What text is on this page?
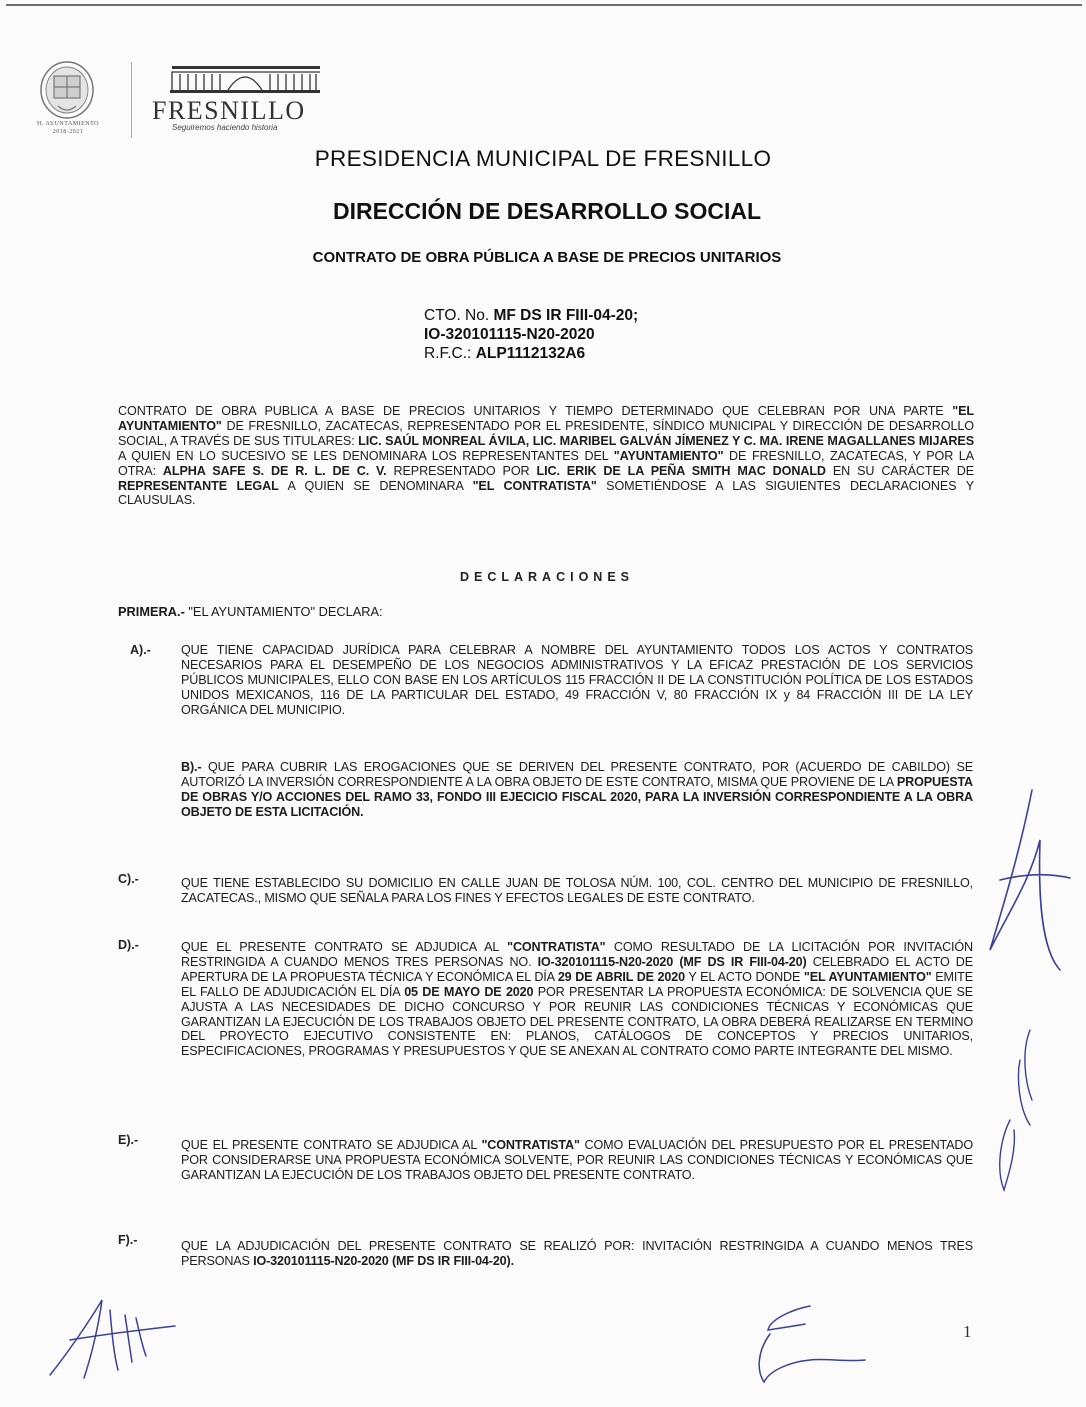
H. AYUNTAMIENTO
2018-2021
FRESNILLO
Seguiremos haciendo historia
PRESIDENCIA MUNICIPAL DE FRESNILLO
DIRECCIÓN DE DESARROLLO SOCIAL
CONTRATO DE OBRA PÚBLICA A BASE DE PRECIOS UNITARIOS
CTO. No. MF DS IR FIII-04-20;
IO-320101115-N20-2020
R.F.C.: ALP1112132A6
CONTRATO DE OBRA PUBLICA A BASE DE PRECIOS UNITARIOS Y TIEMPO DETERMINADO QUE CELEBRAN POR UNA PARTE "EL AYUNTAMIENTO" DE FRESNILLO, ZACATECAS, REPRESENTADO POR EL PRESIDENTE, SÍNDICO MUNICIPAL Y DIRECCIÓN DE DESARROLLO SOCIAL, A TRAVÉS DE SUS TITULARES: LIC. SAÚL MONREAL ÁVILA, LIC. MARIBEL GALVÁN JÍMENEZ Y C. MA. IRENE MAGALLANES MIJARES A QUIEN EN LO SUCESIVO SE LES DENOMINARA LOS REPRESENTANTES DEL "AYUNTAMIENTO" DE FRESNILLO, ZACATECAS, Y POR LA OTRA: ALPHA SAFE S. DE R. L. DE C. V. REPRESENTADO POR LIC. ERIK DE LA PEÑA SMITH MAC DONALD EN SU CARÁCTER DE REPRESENTANTE LEGAL A QUIEN SE DENOMINARA "EL CONTRATISTA" SOMETIÉNDOSE A LAS SIGUIENTES DECLARACIONES Y CLAUSULAS.
DECLARACIONES
PRIMERA.- "EL AYUNTAMIENTO" DECLARA:
A).- QUE TIENE CAPACIDAD JURÍDICA PARA CELEBRAR A NOMBRE DEL AYUNTAMIENTO TODOS LOS ACTOS Y CONTRATOS NECESARIOS PARA EL DESEMPEÑO DE LOS NEGOCIOS ADMINISTRATIVOS Y LA EFICAZ PRESTACIÓN DE LOS SERVICIOS PÚBLICOS MUNICIPALES, ELLO CON BASE EN LOS ARTÍCULOS 115 FRACCIÓN II DE LA CONSTITUCIÓN POLÍTICA DE LOS ESTADOS UNIDOS MEXICANOS, 116 DE LA PARTICULAR DEL ESTADO, 49 FRACCIÓN V, 80 FRACCIÓN IX y 84 FRACCIÓN III DE LA LEY ORGÁNICA DEL MUNICIPIO.
B).- QUE PARA CUBRIR LAS EROGACIONES QUE SE DERIVEN DEL PRESENTE CONTRATO, POR (ACUERDO DE CABILDO) SE AUTORIZÓ LA INVERSIÓN CORRESPONDIENTE A LA OBRA OBJETO DE ESTE CONTRATO, MISMA QUE PROVIENE DE LA PROPUESTA DE OBRAS Y/O ACCIONES DEL RAMO 33, FONDO III EJECICIO FISCAL 2020, PARA LA INVERSIÓN CORRESPONDIENTE A LA OBRA OBJETO DE ESTA LICITACIÓN.
C).-	QUE TIENE ESTABLECIDO SU DOMICILIO EN CALLE JUAN DE TOLOSA NÚM. 100, COL. CENTRO DEL MUNICIPIO DE FRESNILLO, ZACATECAS., MISMO QUE SEÑALA PARA LOS FINES Y EFECTOS LEGALES DE ESTE CONTRATO.
D).-	QUE EL PRESENTE CONTRATO SE ADJUDICA AL "CONTRATISTA" COMO RESULTADO DE LA LICITACIÓN POR INVITACIÓN RESTRINGIDA A CUANDO MENOS TRES PERSONAS NO. IO-320101115-N20-2020 (MF DS IR FIII-04-20) CELEBRADO EL ACTO DE APERTURA DE LA PROPUESTA TÉCNICA Y ECONÓMICA EL DÍA 29 DE ABRIL DE 2020 Y EL ACTO DONDE "EL AYUNTAMIENTO" EMITE EL FALLO DE ADJUDICACIÓN EL DÍA 05 DE MAYO DE 2020 POR PRESENTAR LA PROPUESTA ECONÓMICA: DE SOLVENCIA QUE SE AJUSTA A LAS NECESIDADES DE DICHO CONCURSO Y POR REUNIR LAS CONDICIONES TÉCNICAS Y ECONÓMICAS QUE GARANTIZAN LA EJECUCIÓN DE LOS TRABAJOS OBJETO DEL PRESENTE CONTRATO, LA OBRA DEBERÁ REALIZARSE EN TERMINO DEL PROYECTO EJECUTIVO CONSISTENTE EN: PLANOS, CATÁLOGOS DE CONCEPTOS Y PRECIOS UNITARIOS, ESPECIFICACIONES, PROGRAMAS Y PRESUPUESTOS Y QUE SE ANEXAN AL CONTRATO COMO PARTE INTEGRANTE DEL MISMO.
E).-	QUE EL PRESENTE CONTRATO SE ADJUDICA AL "CONTRATISTA" COMO EVALUACIÓN DEL PRESUPUESTO POR EL PRESENTADO POR CONSIDERARSE UNA PROPUESTA ECONÓMICA SOLVENTE, POR REUNIR LAS CONDICIONES TÉCNICAS Y ECONÓMICAS QUE GARANTIZAN LA EJECUCIÓN DE LOS TRABAJOS OBJETO DEL PRESENTE CONTRATO.
F).-	QUE LA ADJUDICACIÓN DEL PRESENTE CONTRATO SE REALIZÓ POR: INVITACIÓN RESTRINGIDA A CUANDO MENOS TRES PERSONAS IO-320101115-N20-2020 (MF DS IR FIII-04-20).
1
